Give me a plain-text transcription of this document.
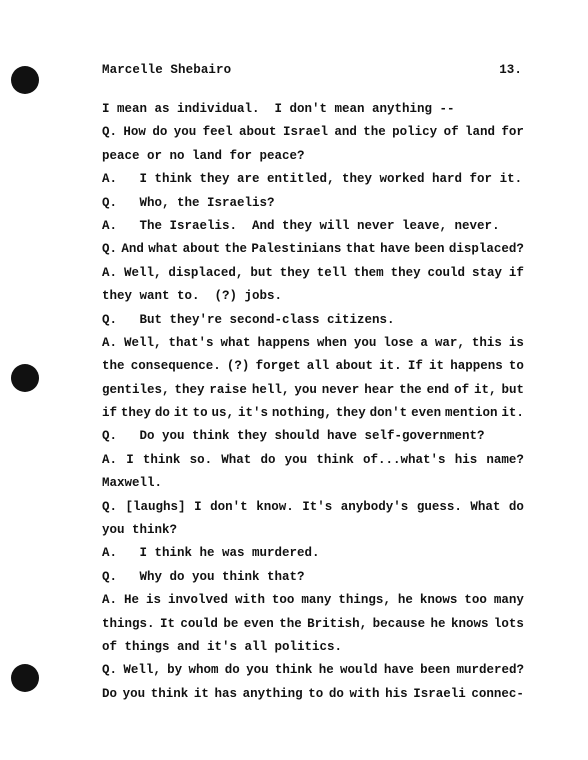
Marcelle Shebairo	13.
I mean as individual.  I don't mean anything --
Q. How do you feel about Israel and the policy of land for
peace or no land for peace?
A.   I think they are entitled, they worked hard for it.
Q.   Who, the Israelis?
A.   The Israelis.  And they will never leave, never.
Q. And what about the Palestinians that have been displaced?
A. Well, displaced, but they tell them they could stay if
they want to.  (?) jobs.
Q.   But they're second-class citizens.
A. Well, that's what happens when you lose a war, this is
the consequence. (?) forget all about it. If it happens to
gentiles, they raise hell, you never hear the end of it, but
if they do it to us, it's nothing, they don't even mention it.
Q.   Do you think they should have self-government?
A. I think so. What do you think of...what's his name?
Maxwell.
Q. [laughs] I don't know. It's anybody's guess. What do
you think?
A.   I think he was murdered.
Q.   Why do you think that?
A. He is involved with too many things, he knows too many
things. It could be even the British, because he knows lots
of things and it's all politics.
Q. Well, by whom do you think he would have been murdered?
Do you think it has anything to do with his Israeli connec-
